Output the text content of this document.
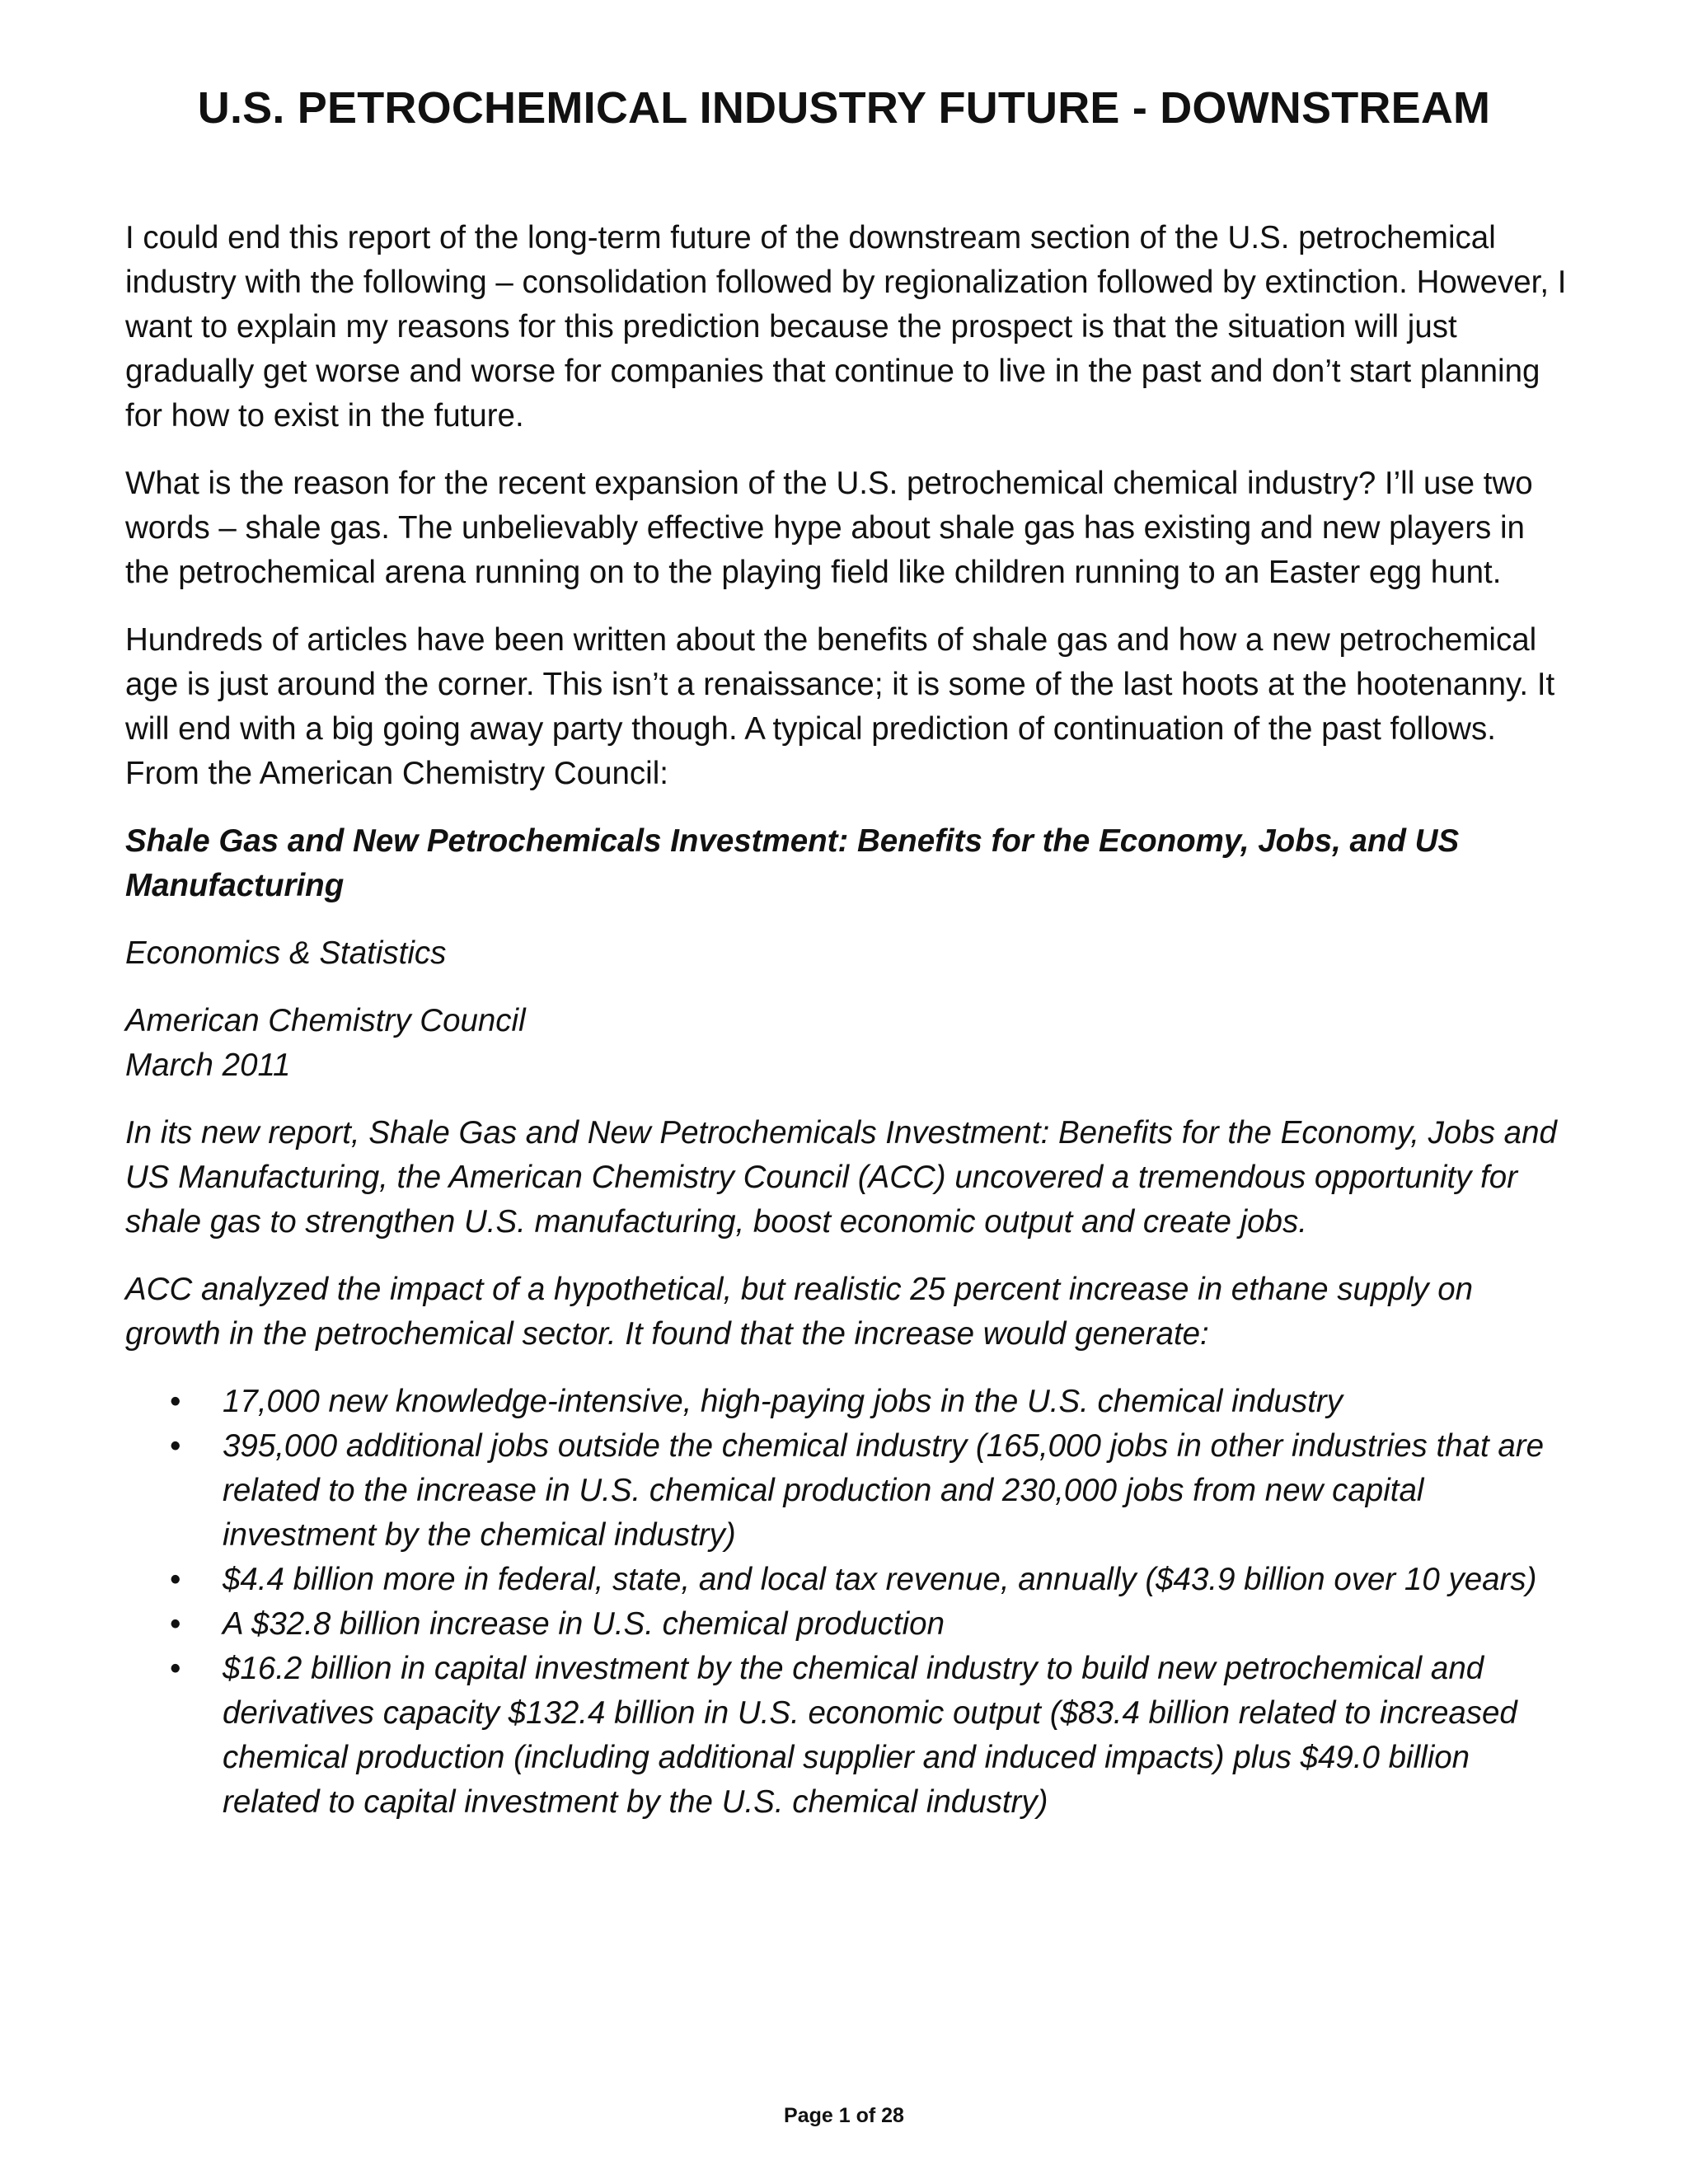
U.S. PETROCHEMICAL INDUSTRY FUTURE - DOWNSTREAM

I could end this report of the long-term future of the downstream section of the U.S. petrochemical industry with the following – consolidation followed by regionalization followed by extinction. However, I want to explain my reasons for this prediction because the prospect is that the situation will just gradually get worse and worse for companies that continue to live in the past and don’t start planning for how to exist in the future.

What is the reason for the recent expansion of the U.S. petrochemical chemical industry? I’ll use two words – shale gas. The unbelievably effective hype about shale gas has existing and new players in the petrochemical arena running on to the playing field like children running to an Easter egg hunt.

Hundreds of articles have been written about the benefits of shale gas and how a new petrochemical age is just around the corner. This isn’t a renaissance; it is some of the last hoots at the hootenanny. It will end with a big going away party though. A typical prediction of continuation of the past follows. From the American Chemistry Council:

Shale Gas and New Petrochemicals Investment: Benefits for the Economy, Jobs, and US Manufacturing

Economics & Statistics

American Chemistry Council
March 2011

In its new report, Shale Gas and New Petrochemicals Investment: Benefits for the Economy, Jobs and US Manufacturing, the American Chemistry Council (ACC) uncovered a tremendous opportunity for shale gas to strengthen U.S. manufacturing, boost economic output and create jobs.

ACC analyzed the impact of a hypothetical, but realistic 25 percent increase in ethane supply on growth in the petrochemical sector. It found that the increase would generate:

• 17,000 new knowledge-intensive, high-paying jobs in the U.S. chemical industry
• 395,000 additional jobs outside the chemical industry (165,000 jobs in other industries that are related to the increase in U.S. chemical production and 230,000 jobs from new capital investment by the chemical industry)
• $4.4 billion more in federal, state, and local tax revenue, annually ($43.9 billion over 10 years)
• A $32.8 billion increase in U.S. chemical production
• $16.2 billion in capital investment by the chemical industry to build new petrochemical and derivatives capacity $132.4 billion in U.S. economic output ($83.4 billion related to increased chemical production (including additional supplier and induced impacts) plus $49.0 billion related to capital investment by the U.S. chemical industry)
Page 1 of 28
